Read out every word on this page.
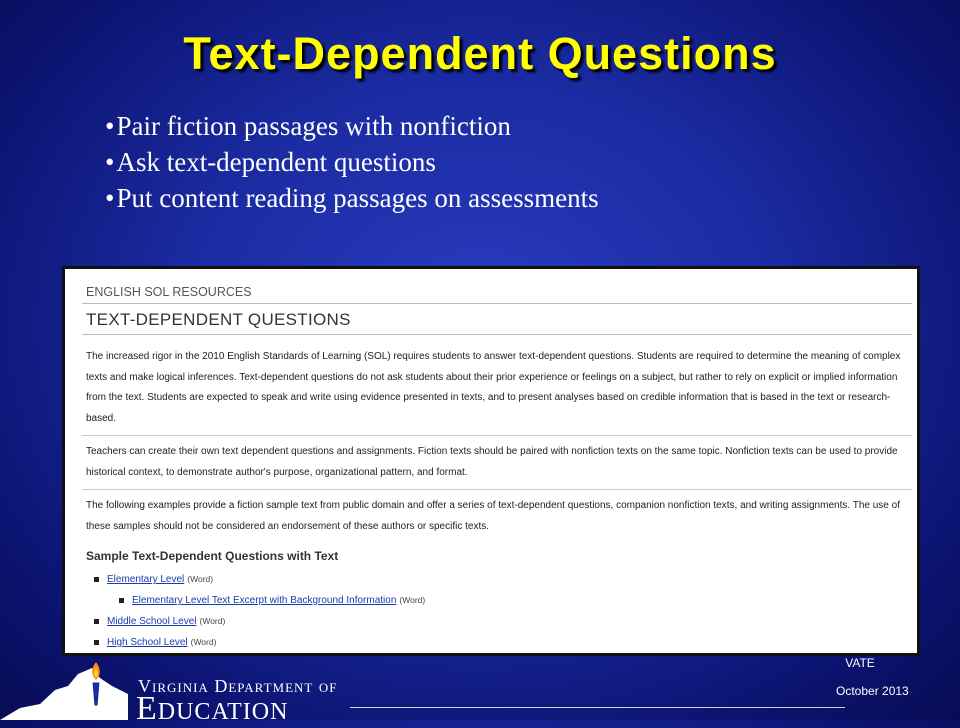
Text-Dependent Questions
•Pair fiction passages with nonfiction
•Ask text-dependent questions
•Put content reading passages on assessments
ENGLISH SOL RESOURCES
TEXT-DEPENDENT QUESTIONS
The increased rigor in the 2010 English Standards of Learning (SOL) requires students to answer text-dependent questions. Students are required to determine the meaning of complex texts and make logical inferences. Text-dependent questions do not ask students about their prior experience or feelings on a subject, but rather to rely on explicit or implied information from the text. Students are expected to speak and write using evidence presented in texts, and to present analyses based on credible information that is based in the text or research-based.
Teachers can create their own text dependent questions and assignments. Fiction texts should be paired with nonfiction texts on the same topic. Nonfiction texts can be used to provide historical context, to demonstrate author's purpose, organizational pattern, and format.
The following examples provide a fiction sample text from public domain and offer a series of text-dependent questions, companion nonfiction texts, and writing assignments. The use of these samples should not be considered an endorsement of these authors or specific texts.
Sample Text-Dependent Questions with Text
Elementary Level (Word)
Elementary Level Text Excerpt with Background Information (Word)
Middle School Level (Word)
High School Level (Word)
Virginia Department of
Education
VATE
October 2013
